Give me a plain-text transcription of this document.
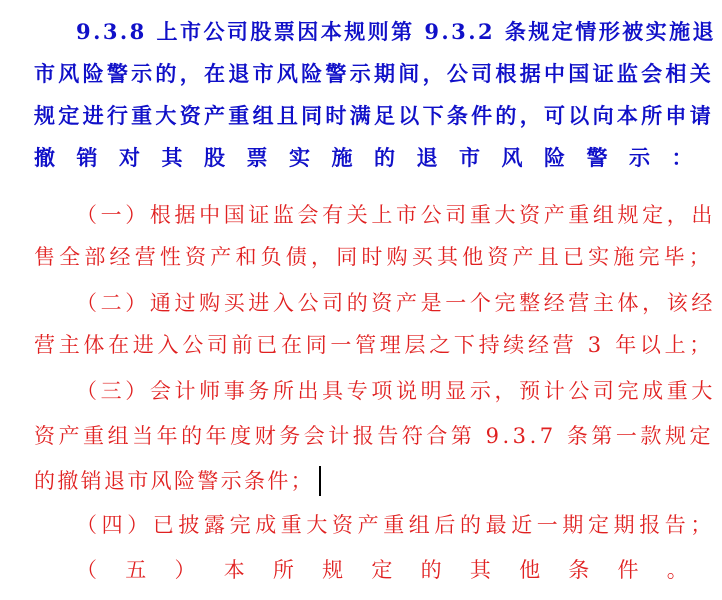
9.3.8 上市公司股票因本规则第 9.3.2 条规定情形被实施退
市风险警示的，在退市风险警示期间，公司根据中国证监会相关
规定进行重大资产重组且同时满足以下条件的，可以向本所申请
撤销对其股票实施的退市风险警示：
（一）根据中国证监会有关上市公司重大资产重组规定，出
售全部经营性资产和负债，同时购买其他资产且已实施完毕；
（二）通过购买进入公司的资产是一个完整经营主体，该经
营主体在进入公司前已在同一管理层之下持续经营 3 年以上；
（三）会计师事务所出具专项说明显示，预计公司完成重大
资产重组当年的年度财务会计报告符合第 9.3.7 条第一款规定
的撤销退市风险警示条件；
（四）已披露完成重大资产重组后的最近一期定期报告；
（五）本所规定的其他条件。
